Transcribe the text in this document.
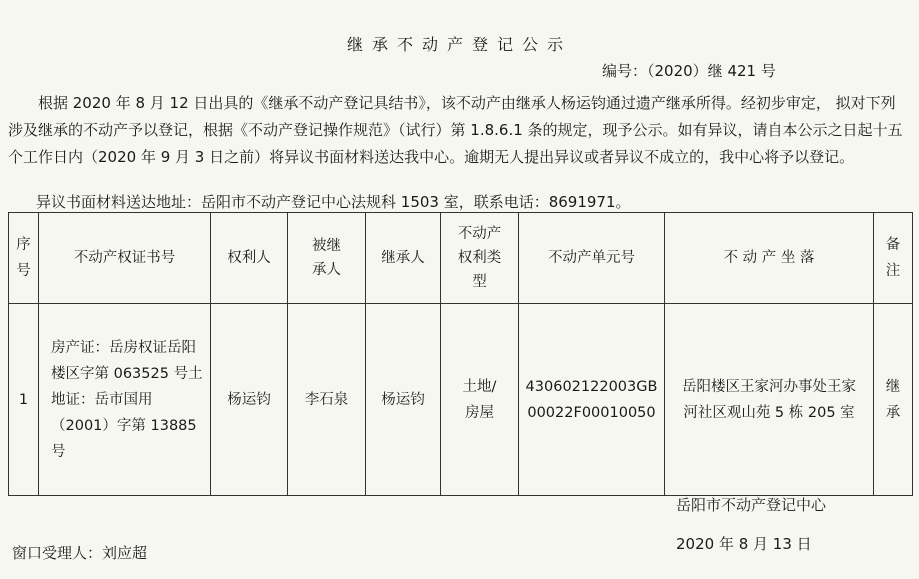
继承不动产登记公示
编号：（2020）继 421 号

根据 2020 年 8 月 12 日出具的《继承不动产登记具结书》，该不动产由继承人杨运钧通过遗产继承所得。经初步审定， 拟对下列涉及继承的不动产予以登记，根据《不动产登记操作规范》（试行）第 1.8.6.1 条的规定，现予公示。如有异议，请自本公示之日起十五个工作日内（2020 年 9 月 3 日之前）将异议书面材料送达我中心。逾期无人提出异议或者异议不成立的，我中心将予以登记。

异议书面材料送达地址：岳阳市不动产登记中心法规科 1503 室，联系电话：8691971。
序号	不动产权证书号	权利人	被继承人	继承人	不动产权利类型	不动产单元号	不 动 产 坐 落	备注

1	房产证：岳房权证岳阳楼区字第 063525 号土地证：岳市国用（2001）字第 13885 号	杨运钧	李石泉	杨运钧	土地/房屋	430602122003GB00022F00010050	岳阳楼区王家河办事处王家河社区观山苑 5 栋 205 室	继承
岳阳市不动产登记中心
2020 年 8 月 13 日
窗口受理人：刘应超
